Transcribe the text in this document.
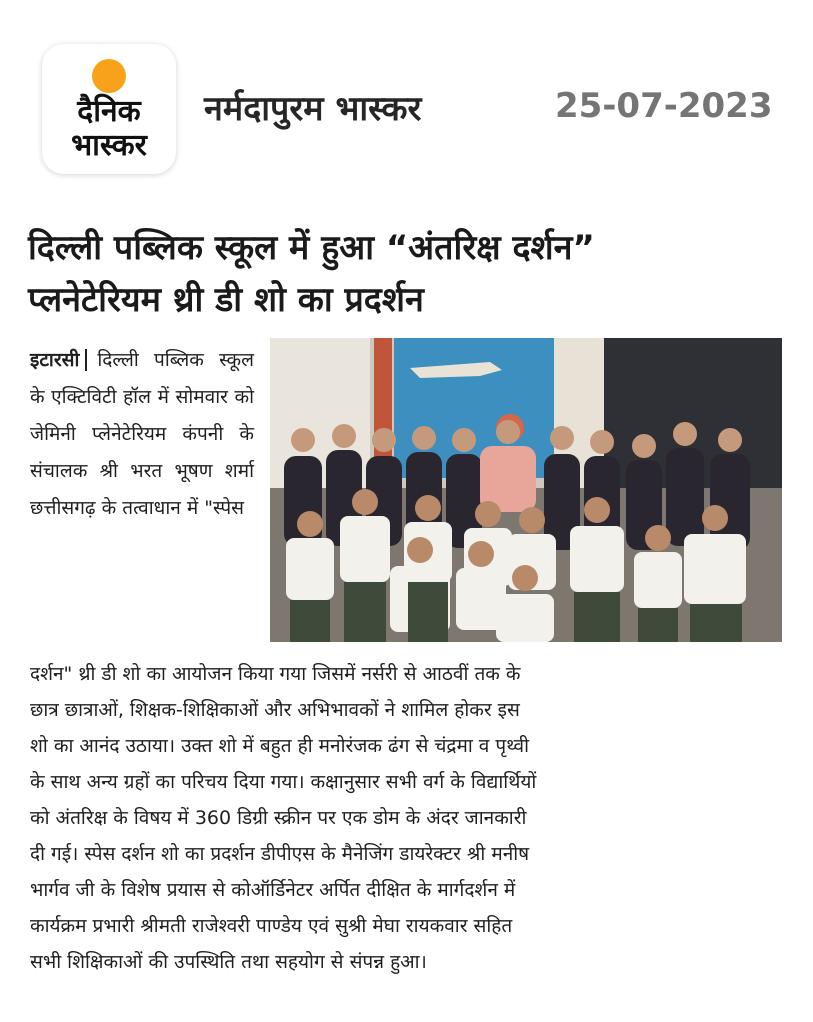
दैनिक
भास्कर
नर्मदापुरम भास्कर	25-07-2023
दिल्ली पब्लिक स्कूल में हुआ “अंतरिक्ष दर्शन”
प्लनेटेरियम थ्री डी शो का प्रदर्शन
इटारसी दिल्ली पब्लिक स्कूल के एक्टिविटी हॉल में सोमवार को जेमिनी प्लेनेटेरियम कंपनी के संचालक श्री भरत भूषण शर्मा छत्तीसगढ़ के तत्वाधान में "स्पेस
दर्शन" थ्री डी शो का आयोजन किया गया जिसमें नर्सरी से आठवीं तक के
छात्र छात्राओं, शिक्षक-शिक्षिकाओं और अभिभावकों ने शामिल होकर इस
शो का आनंद उठाया। उक्त शो में बहुत ही मनोरंजक ढंग से चंद्रमा व पृथ्वी
के साथ अन्य ग्रहों का परिचय दिया गया। कक्षानुसार सभी वर्ग के विद्यार्थियों
को अंतरिक्ष के विषय में 360 डिग्री स्क्रीन पर एक डोम के अंदर जानकारी
दी गई। स्पेस दर्शन शो का प्रदर्शन डीपीएस के मैनेजिंग डायरेक्टर श्री मनीष
भार्गव जी के विशेष प्रयास से कोऑर्डिनेटर अर्पित दीक्षित के मार्गदर्शन में
कार्यक्रम प्रभारी श्रीमती राजेश्वरी पाण्डेय एवं सुश्री मेघा रायकवार सहित
सभी शिक्षिकाओं की उपस्थिति तथा सहयोग से संपन्न हुआ।
